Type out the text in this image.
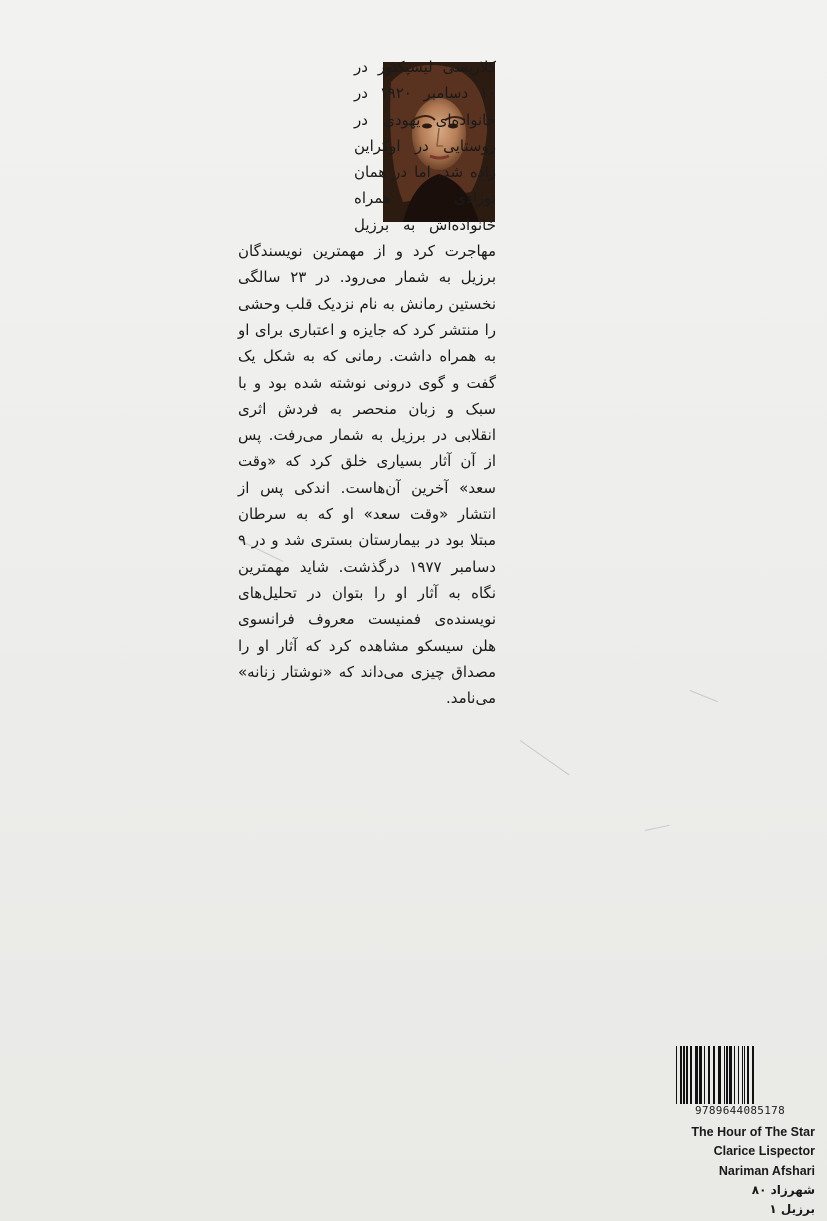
کلاریسی لیسپکتور در ۱۰ دسامبر ۱۹۲۰ در خانواده‌ای یهودی در روستایی در اوکراین زاده شد. اما در همان نوزادی همراه خانواده‌اش به برزیل مهاجرت کرد و از مهمترین نویسندگان برزیل به شمار می‌رود. در ۲۳ سالگی نخستین رمانش به نام نزدیک قلب وحشی را منتشر کرد که جایزه و اعتباری برای او به همراه داشت. رمانی که به شکل یک گفت و گوی درونی نوشته شده بود و با سبک و زبان منحصر به فردش اثری انقلابی در برزیل به شمار می‌رفت. پس از آن آثار بسیاری خلق کرد که «وقت سعد» آخرین آن‌هاست. اندکی پس از انتشار «وقت سعد» او که به سرطان مبتلا بود در بیمارستان بستری شد و در ۹ دسامبر ۱۹۷۷ درگذشت. شاید مهمترین نگاه به آثار او را بتوان در تحلیل‌های نویسنده‌ی فمنیست معروف فرانسوی هلن سیسکو مشاهده کرد که آثار او را مصداق چیزی می‌داند که «نوشتار زنانه» می‌نامد.

9789644085178
The Hour of The Star
Clarice Lispector
Nariman Afshari
شهرزاد ۸۰
برزیل ۱
